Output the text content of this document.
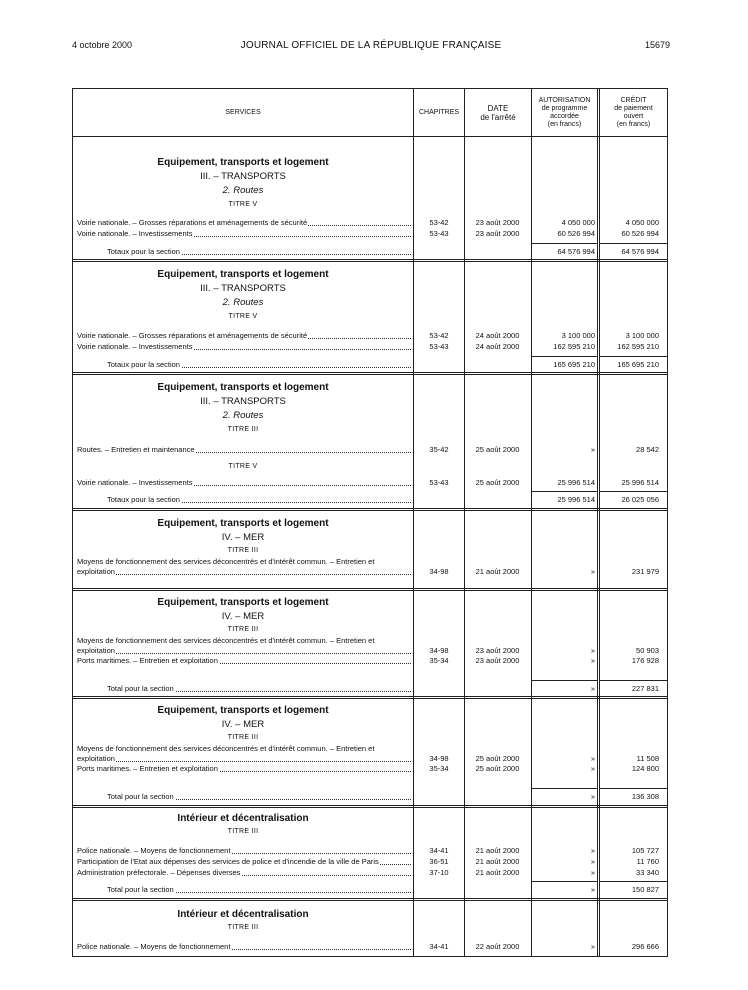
4 octobre 2000	JOURNAL OFFICIEL DE LA RÉPUBLIQUE FRANÇAISE	15679
SERVICES	CHAPITRES	DATE
de l'arrêté
AUTORISATION
de programme
accordée
(en francs)
CRÉDIT
de paiement
ouvert
(en francs)
Equipement, transports et logement
III. – TRANSPORTS
2. Routes
TITRE V
Voirie nationale. – Grosses réparations et aménagements de sécurité	53-42	23 août 2000	4 050 000	4 050 000
Voirie nationale. – Investissements	53-43	23 août 2000	60 526 994	60 526 994
Totaux pour la section	64 576 994	64 576 994
Equipement, transports et logement
III. – TRANSPORTS
2. Routes
TITRE V
Voirie nationale. – Grosses réparations et aménagements de sécurité	53-42	24 août 2000	3 100 000	3 100 000
Voirie nationale. – Investissements	53-43	24 août 2000	162 595 210	162 595 210
Totaux pour la section	165 695 210	165 695 210
Equipement, transports et logement
III. – TRANSPORTS
2. Routes
TITRE III
Routes. – Entretien et maintenance	35-42	25 août 2000	»	28 542
TITRE V
Voirie nationale. – Investissements	53-43	25 août 2000	25 996 514	25 996 514
Totaux pour la section	25 996 514	26 025 056
Equipement, transports et logement
IV. – MER
TITRE III
Moyens de fonctionnement des services déconcentrés et d'intérêt commun. – Entretien et
exploitation	34-98	21 août 2000	»	231 979
Equipement, transports et logement
IV. – MER
TITRE III
Moyens de fonctionnement des services déconcentrés et d'intérêt commun. – Entretien et
exploitation	34-98	23 août 2000	»	50 903
Ports maritimes. – Entretien et exploitation	35-34	23 août 2000	»	176 928
Total pour la section	»	227 831
Equipement, transports et logement
IV. – MER
TITRE III
Moyens de fonctionnement des services déconcentrés et d'intérêt commun. – Entretien et
exploitation	34-98	25 août 2000	»	11 508
Ports maritimes. – Entretien et exploitation	35-34	25 août 2000	»	124 800
Total pour la section	»	136 308
Intérieur et décentralisation
TITRE III
Police nationale. – Moyens de fonctionnement	34-41	21 août 2000	»	105 727
Participation de l'Etat aux dépenses des services de police et d'incendie de la ville de Paris	36-51	21 août 2000	»	11 760
Administration préfectorale. – Dépenses diverses	37-10	21 août 2000	»	33 340
Total pour la section	»	150 827
Intérieur et décentralisation
TITRE III
Police nationale. – Moyens de fonctionnement	34-41	22 août 2000	»	296 666
